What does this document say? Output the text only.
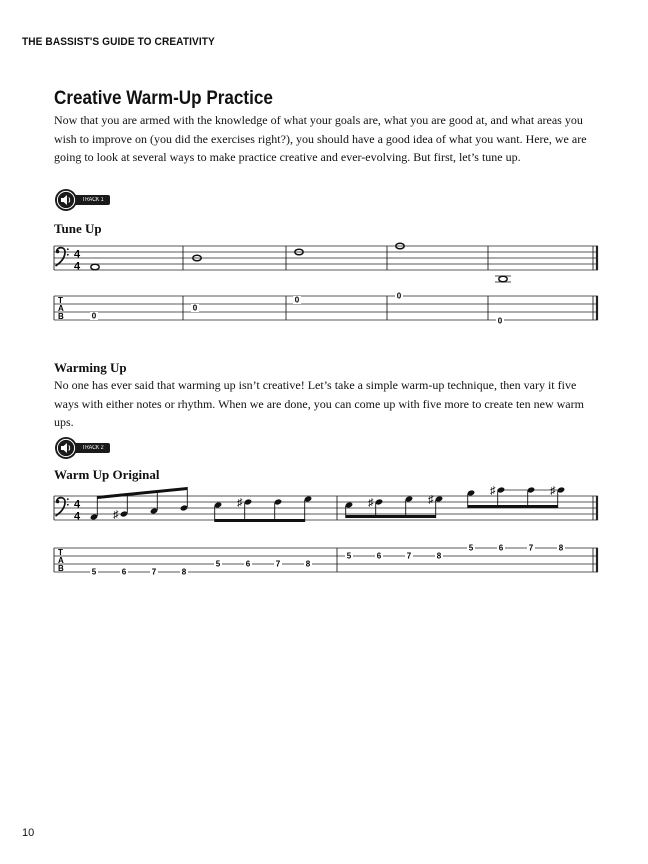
THE BASSIST'S GUIDE TO CREATIVITY
Creative Warm-Up Practice

Now that you are armed with the knowledge of what your goals are, what you are good at, and what areas you wish to improve on (you did the exercises right?), you should have a good idea of what you want. Here, we are going to look at several ways to make practice creative and ever-evolving. But first, let’s tune up.

TRACK 1
Tune Up
4
4
T
A
B	0
0
0	0
0
Warming Up

No one has ever said that warming up isn’t creative! Let’s take a simple warm-up technique, then vary it five ways with either notes or rhythm. When we are done, you can come up with five more to create ten new warm ups.

TRACK 2
Warm Up Original
4
4	♯
♯	♯	♯
♯	♯
T
A
B	5	6	7	8
5	6	7	8
5	6	7	8
5	6	7	8

10
